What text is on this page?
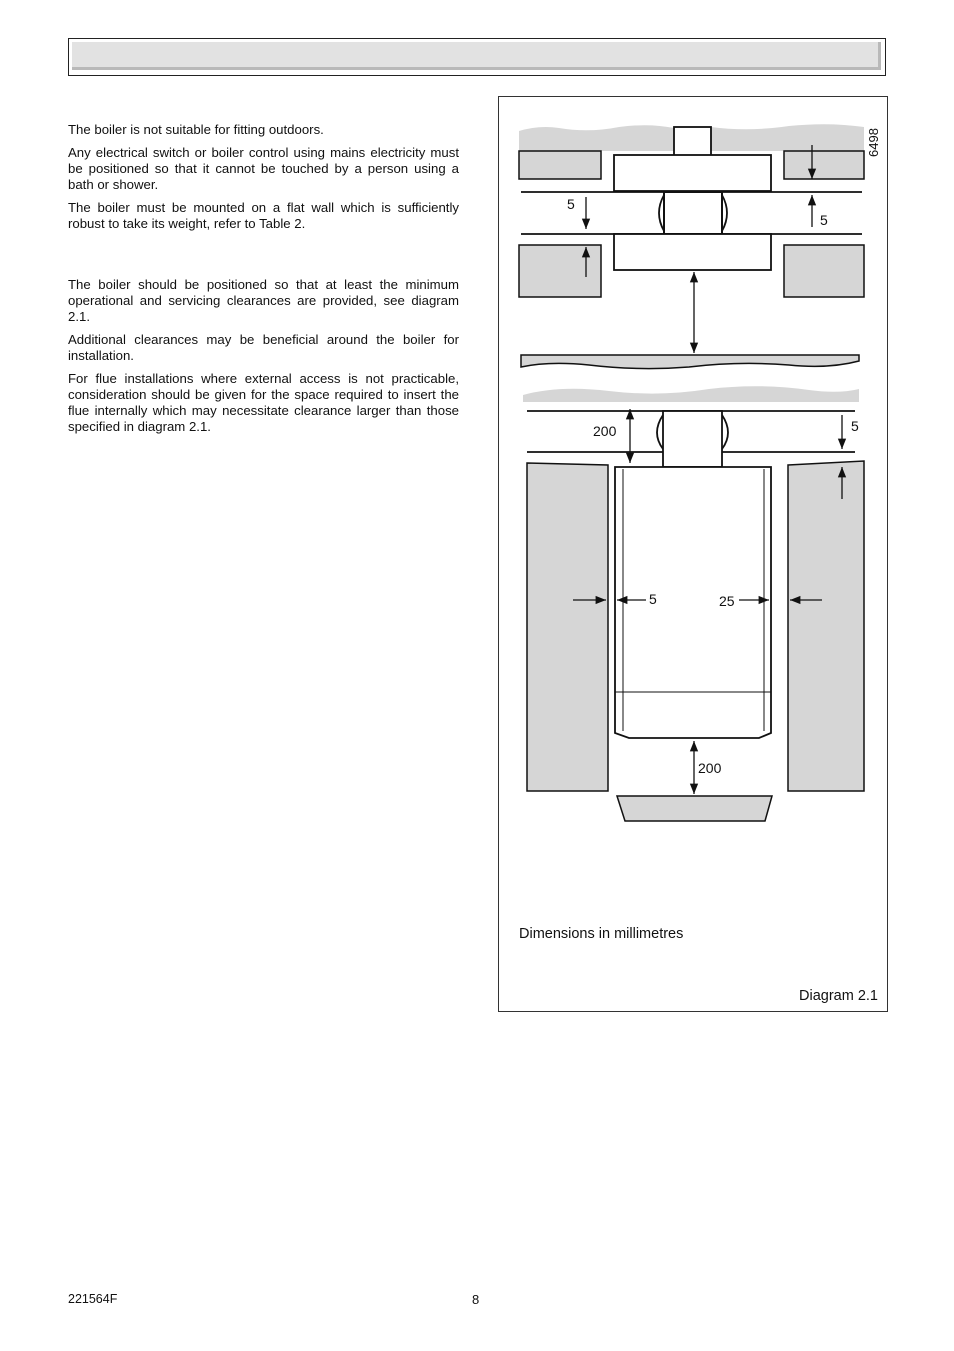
The boiler is not suitable for fitting outdoors.

Any electrical switch or boiler control using mains electricity must be positioned so that it cannot be touched by a person using a bath or shower.

The boiler must be mounted on a flat wall which is sufficiently robust to take its weight, refer to Table 2.

The boiler should be positioned so that at least the minimum operational and servicing clearances are provided, see diagram 2.1.

Additional clearances may be beneficial around the boiler for installation.

For flue installations where external access is not practicable, consideration should be given for the space required to insert the flue internally which may necessitate clearance larger than those specified in diagram 2.1.

5
5
6498
200	5
5	25
200
Dimensions in millimetres
Diagram 2.1
221564F	8
